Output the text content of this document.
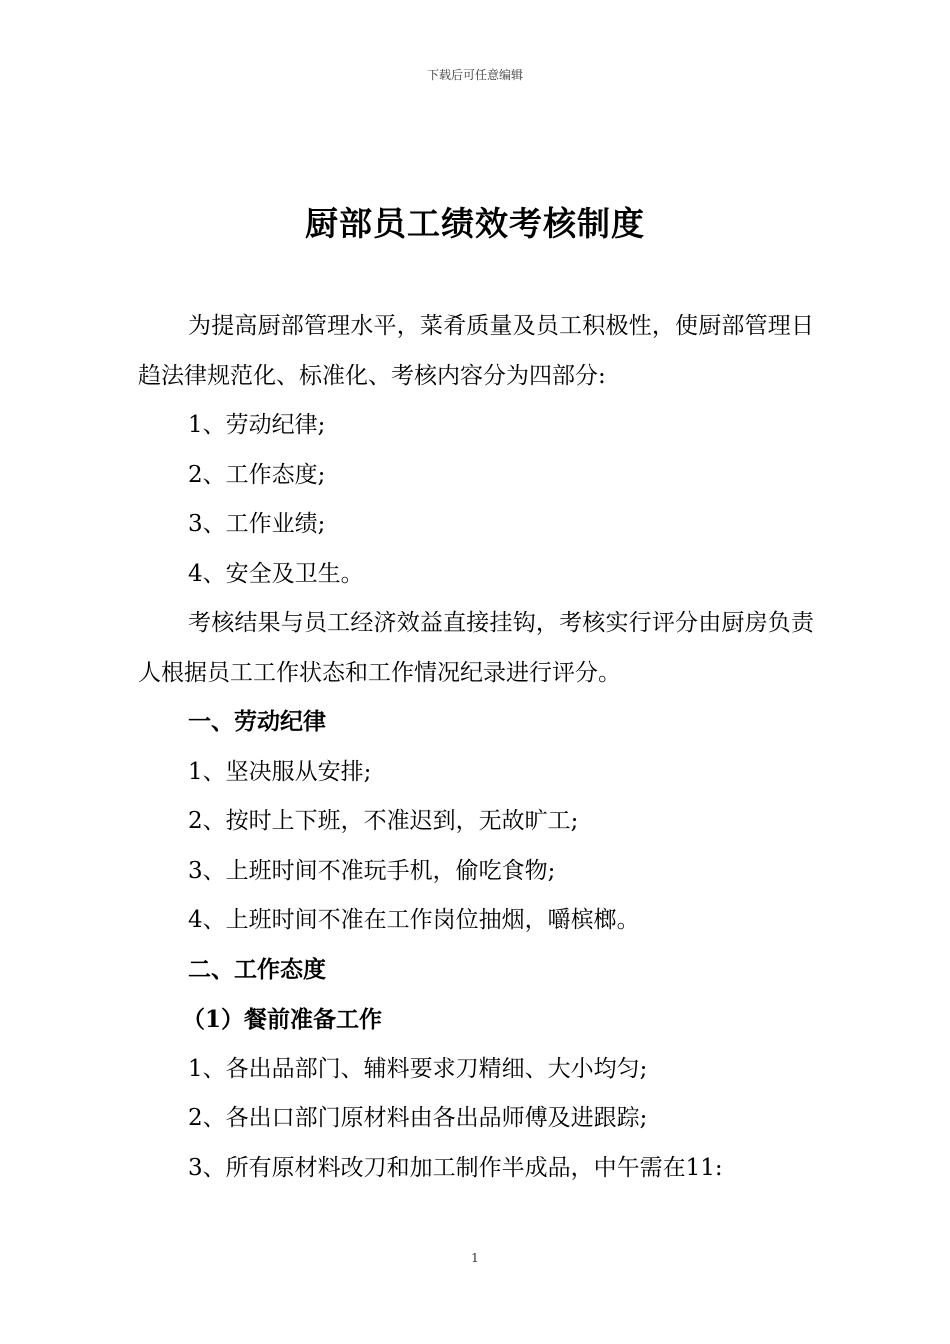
下载后可任意编辑
厨部员工绩效考核制度

为提高厨部管理水平，菜肴质量及员工积极性，使厨部管理日趋法律规范化、标准化、考核内容分为四部分:

1、劳动纪律;

2、工作态度;

3、工作业绩;

4、安全及卫生。

考核结果与员工经济效益直接挂钩，考核实行评分由厨房负责人根据员工工作状态和工作情况纪录进行评分。

一、劳动纪律

1、坚决服从安排;

2、按时上下班，不准迟到，无故旷工;

3、上班时间不准玩手机，偷吃食物;

4、上班时间不准在工作岗位抽烟，嚼槟榔。

二、工作态度

（1）餐前准备工作

1、各出品部门、辅料要求刀精细、大小均匀;

2、各出口部门原材料由各出品师傅及进跟踪;

3、所有原材料改刀和加工制作半成品，中午需在11:

1
